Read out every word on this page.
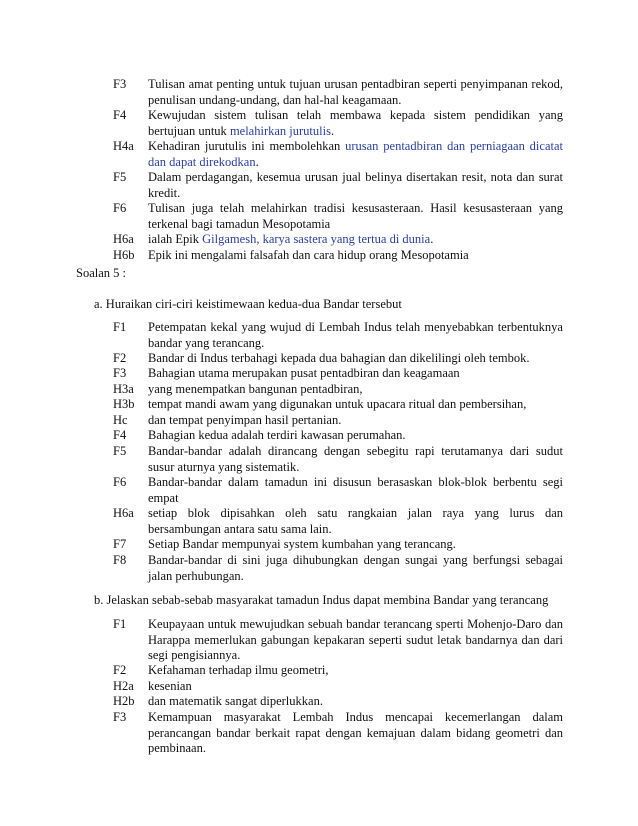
F3 Tulisan amat penting untuk tujuan urusan pentadbiran seperti penyimpanan rekod, penulisan undang-undang, dan hal-hal keagamaan.
F4 Kewujudan sistem tulisan telah membawa kepada sistem pendidikan yang bertujuan untuk melahirkan jurutulis.
H4a Kehadiran jurutulis ini membolehkan urusan pentadbiran dan perniagaan dicatat dan dapat direkodkan.
F5 Dalam perdagangan, kesemua urusan jual belinya disertakan resit, nota dan surat kredit.
F6 Tulisan juga telah melahirkan tradisi kesusasteraan. Hasil kesusasteraan yang terkenal bagi tamadun Mesopotamia
H6a ialah Epik Gilgamesh, karya sastera yang tertua di dunia.
H6b Epik ini mengalami falsafah dan cara hidup orang Mesopotamia
Soalan 5 :
a. Huraikan ciri-ciri keistimewaan kedua-dua Bandar tersebut
F1 Petempatan kekal yang wujud di Lembah Indus telah menyebabkan terbentuknya bandar yang terancang.
F2 Bandar di Indus terbahagi kepada dua bahagian dan dikelilingi oleh tembok.
F3 Bahagian utama merupakan pusat pentadbiran dan keagamaan
H3a yang menempatkan bangunan pentadbiran,
H3b tempat mandi awam yang digunakan untuk upacara ritual dan pembersihan,
Hc dan tempat penyimpan hasil pertanian.
F4 Bahagian kedua adalah terdiri kawasan perumahan.
F5 Bandar-bandar adalah dirancang dengan sebegitu rapi terutamanya dari sudut susur aturnya yang sistematik.
F6 Bandar-bandar dalam tamadun ini disusun berasaskan blok-blok berbentu segi empat
H6a setiap blok dipisahkan oleh satu rangkaian jalan raya yang lurus dan bersambungan antara satu sama lain.
F7 Setiap Bandar mempunyai system kumbahan yang terancang.
F8 Bandar-bandar di sini juga dihubungkan dengan sungai yang berfungsi sebagai jalan perhubungan.
b. Jelaskan sebab-sebab masyarakat tamadun Indus dapat membina Bandar yang terancang
F1 Keupayaan untuk mewujudkan sebuah bandar terancang sperti Mohenjo-Daro dan Harappa memerlukan gabungan kepakaran seperti sudut letak bandarnya dan dari segi pengisiannya.
F2 Kefahaman terhadap ilmu geometri,
H2a kesenian
H2b dan matematik sangat diperlukkan.
F3 Kemampuan masyarakat Lembah Indus mencapai kecemerlangan dalam perancangan bandar berkait rapat dengan kemajuan dalam bidang geometri dan pembinaan.
